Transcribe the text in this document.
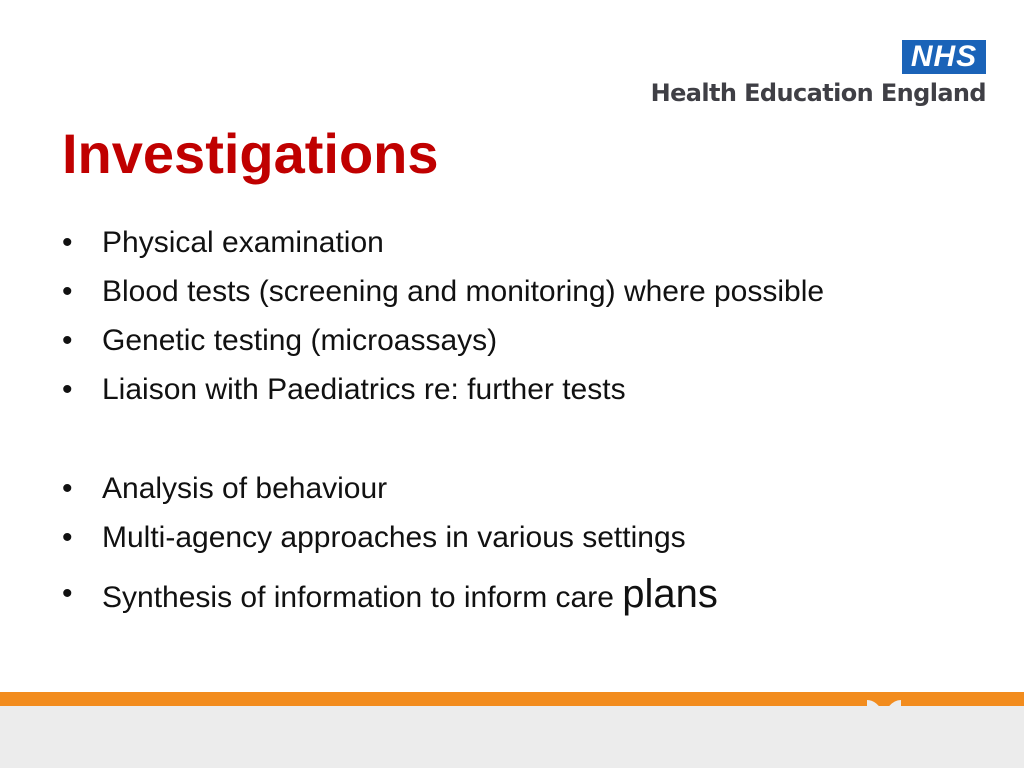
NHS
Health Education England
Investigations
• Physical examination
• Blood tests (screening and monitoring) where possible
• Genetic testing (microassays)
• Liaison with Paediatrics re: further tests
• Analysis of behaviour
• Multi-agency approaches in various settings
• Synthesis of information to inform care plans
